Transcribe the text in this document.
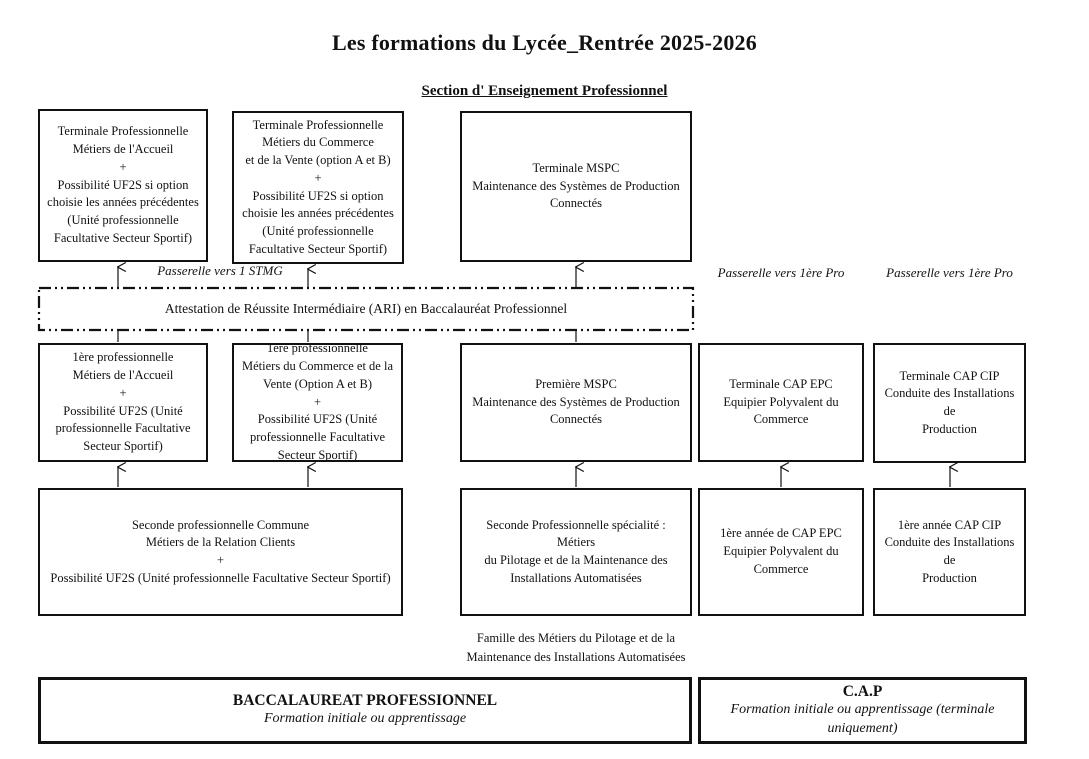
Les formations du Lycée_Rentrée 2025-2026
Section d' Enseignement Professionnel
Terminale Professionnelle
Métiers de l'Accueil
+
Possibilité UF2S si option
choisie les années précédentes
(Unité professionnelle
Facultative Secteur Sportif)
Terminale Professionnelle
Métiers du Commerce
et de la Vente (option A et B)
+
Possibilité UF2S si option
choisie les années précédentes
(Unité professionnelle
Facultative Secteur Sportif)
Terminale MSPC
Maintenance des Systèmes de Production
Connectés
Passerelle vers 1 STMG	Passerelle vers 1ère Pro	Passerelle vers 1ère Pro
Attestation de Réussite Intermédiaire (ARI) en Baccalauréat Professionnel
1ère professionnelle
Métiers de l'Accueil
+
Possibilité UF2S (Unité
professionnelle Facultative
Secteur Sportif)
1ère professionnelle
Métiers du Commerce et de la
Vente (Option A et B)
+
Possibilité UF2S (Unité
professionnelle Facultative
Secteur Sportif)
Première MSPC
Maintenance des Systèmes de Production
Connectés
Terminale CAP EPC
Equipier Polyvalent du
Commerce
Terminale CAP CIP
Conduite des Installations de
Production
Seconde professionnelle Commune
Métiers de la Relation Clients
+
Possibilité UF2S (Unité professionnelle Facultative Secteur Sportif)
Seconde Professionnelle spécialité : Métiers
du Pilotage et de la Maintenance des
Installations Automatisées
1ère année de CAP EPC
Equipier Polyvalent du
Commerce
1ère année CAP CIP
Conduite des Installations de
Production
Famille des Métiers du Pilotage et de la
Maintenance des Installations Automatisées
BACCALAUREAT PROFESSIONNEL
Formation initiale ou apprentissage
C.A.P
Formation initiale ou apprentissage (terminale uniquement)
